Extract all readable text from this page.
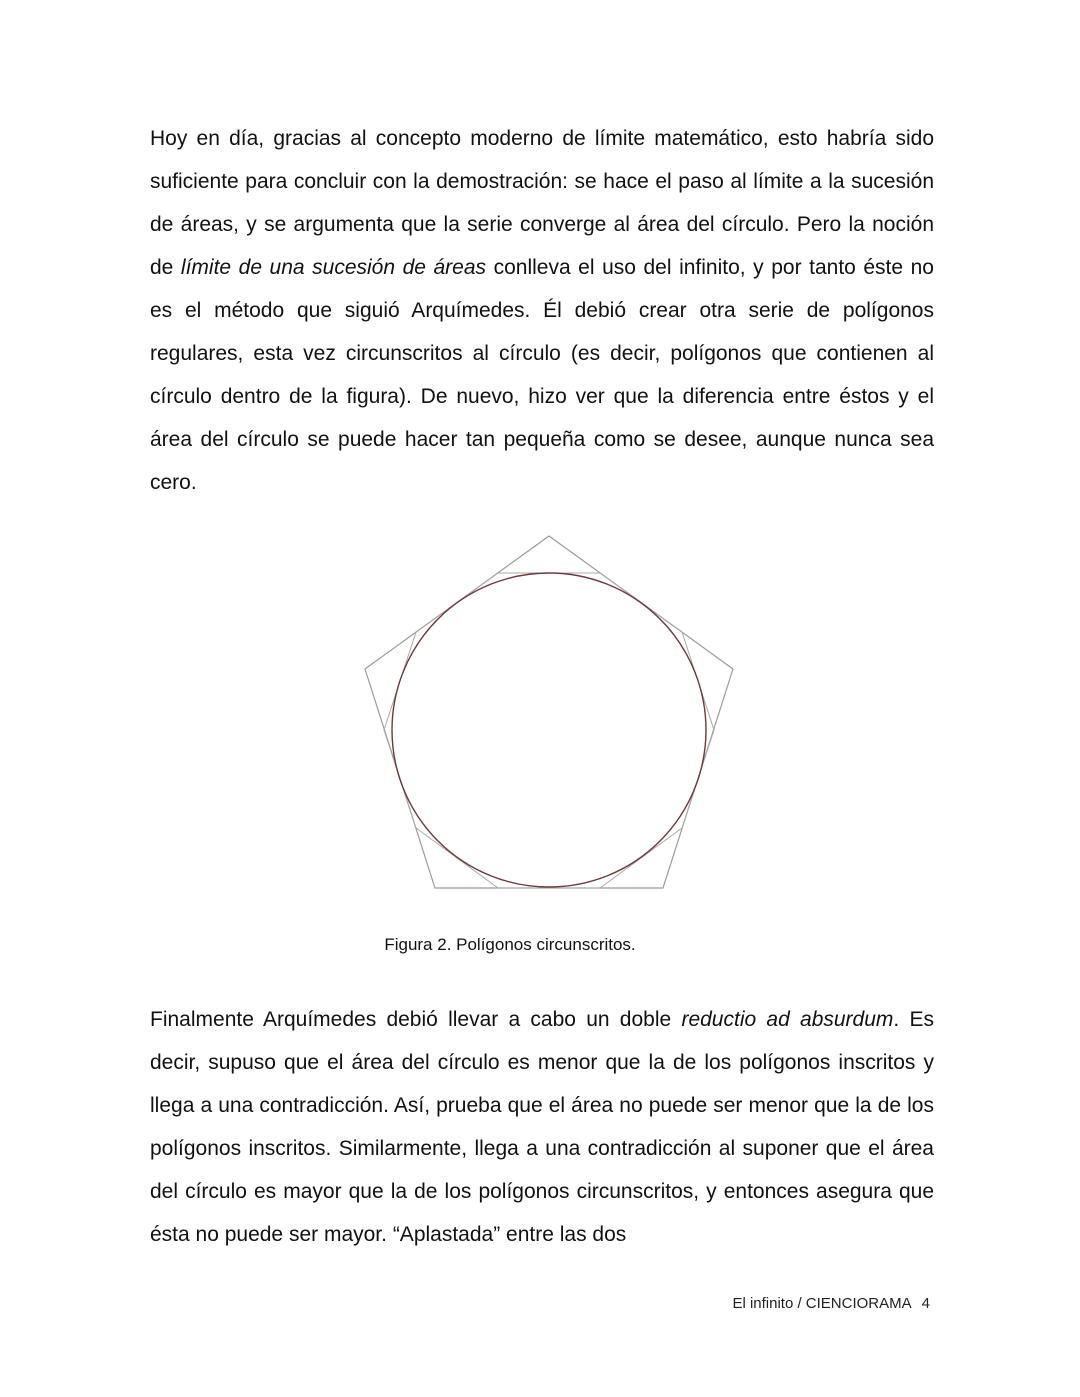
Hoy en día, gracias al concepto moderno de límite matemático, esto habría sido suficiente para concluir con la demostración: se hace el paso al límite a la sucesión de áreas, y se argumenta que la serie converge al área del círculo. Pero la noción de límite de una sucesión de áreas conlleva el uso del infinito, y por tanto éste no es el método que siguió Arquímedes. Él debió crear otra serie de polígonos regulares, esta vez circunscritos al círculo (es decir, polígonos que contienen al círculo dentro de la figura). De nuevo, hizo ver que la diferencia entre éstos y el área del círculo se puede hacer tan pequeña como se desee, aunque nunca sea cero.

Figura 2. Polígonos circunscritos.

Finalmente Arquímedes debió llevar a cabo un doble reductio ad absurdum. Es decir, supuso que el área del círculo es menor que la de los polígonos inscritos y llega a una contradicción. Así, prueba que el área no puede ser menor que la de los polígonos inscritos. Similarmente, llega a una contradicción al suponer que el área del círculo es mayor que la de los polígonos circunscritos, y entonces asegura que ésta no puede ser mayor. “Aplastada” entre las dos

El infinito / CIENCIORAMA 4
